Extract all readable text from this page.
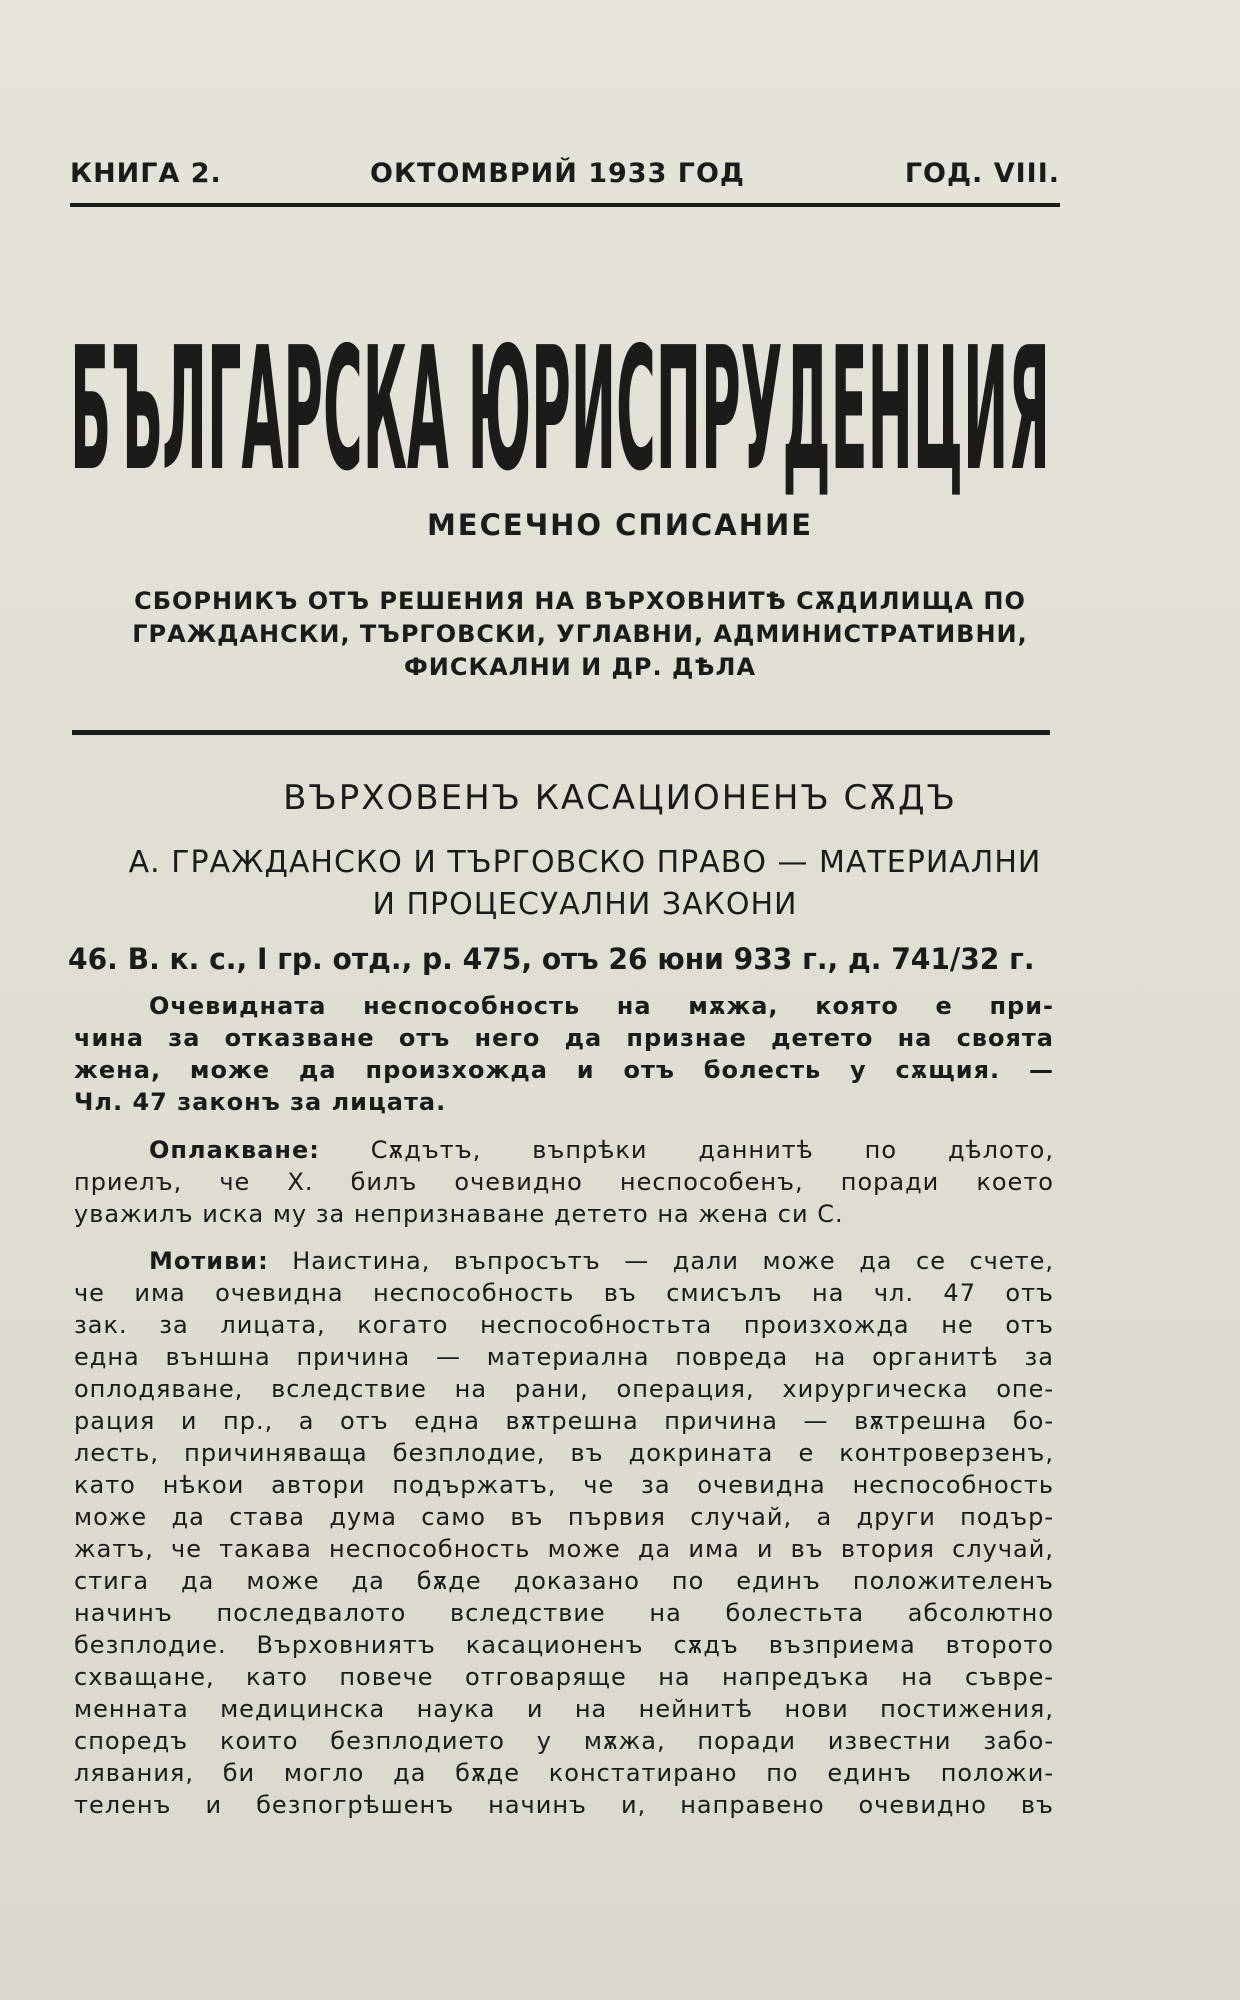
КНИГА 2.	ОКТОМВРИЙ 1933 ГОД	ГОД. VIII.
БЪЛГАРСКА ЮРИСПРУДЕНЦИЯ
МЕСЕЧНО СПИСАНИЕ
СБОРНИКЪ ОТЪ РЕШЕНИЯ НА ВЪРХОВНИТѢ СѪДИЛИЩА ПО
ГРАЖДАНСКИ, ТЪРГОВСКИ, УГЛАВНИ, АДМИНИСТРАТИВНИ,
ФИСКАЛНИ И ДР. ДѢЛА
ВЪРХОВЕНЪ КАСАЦИОНЕНЪ СѪДЪ
А. ГРАЖДАНСКО И ТЪРГОВСКО ПРАВО — МАТЕРИАЛНИ
И ПРОЦЕСУАЛНИ ЗАКОНИ
46. В. к. с., I гр. отд., р. 475, отъ 26 юни 933 г., д. 741/32 г.
Очевидната неспособность на мѫжа, която е при-
чина за отказване отъ него да признае детето на своята
жена, може да произхожда и отъ болесть у сѫщия. —
Чл. 47 законъ за лицата.
Оплакване: Сѫдътъ, въпрѣки даннитѣ по дѣлото,
приелъ, че Х. билъ очевидно неспособенъ, поради което
уважилъ иска му за непризнаване детето на жена си С.
Мотиви: Наистина, въпросътъ — дали може да се счете,
че има очевидна неспособность въ смисълъ на чл. 47 отъ
зак. за лицата, когато неспособностьта произхожда не отъ
една външна причина — материална повреда на органитѣ за
оплодяване, вследствие на рани, операция, хирургическа опе-
рация и пр., а отъ една вѫтрешна причина — вѫтрешна бо-
лесть, причиняваща безплодие, въ докрината е контроверзенъ,
като нѣкои автори подържатъ, че за очевидна неспособность
може да става дума само въ първия случай, а други подър-
жатъ, че такава неспособность може да има и въ втория случай,
стига да може да бѫде доказано по единъ положителенъ
начинъ последвалото вследствие на болестьта абсолютно
безплодие. Върховниятъ касационенъ сѫдъ възприема второто
схващане, като повече отговаряще на напредъка на съвре-
менната медицинска наука и на нейнитѣ нови постижения,
споредъ които безплодието у мѫжа, поради известни забо-
лявания, би могло да бѫде констатирано по единъ положи-
теленъ и безпогрѣшенъ начинъ и, направено очевидно въ
